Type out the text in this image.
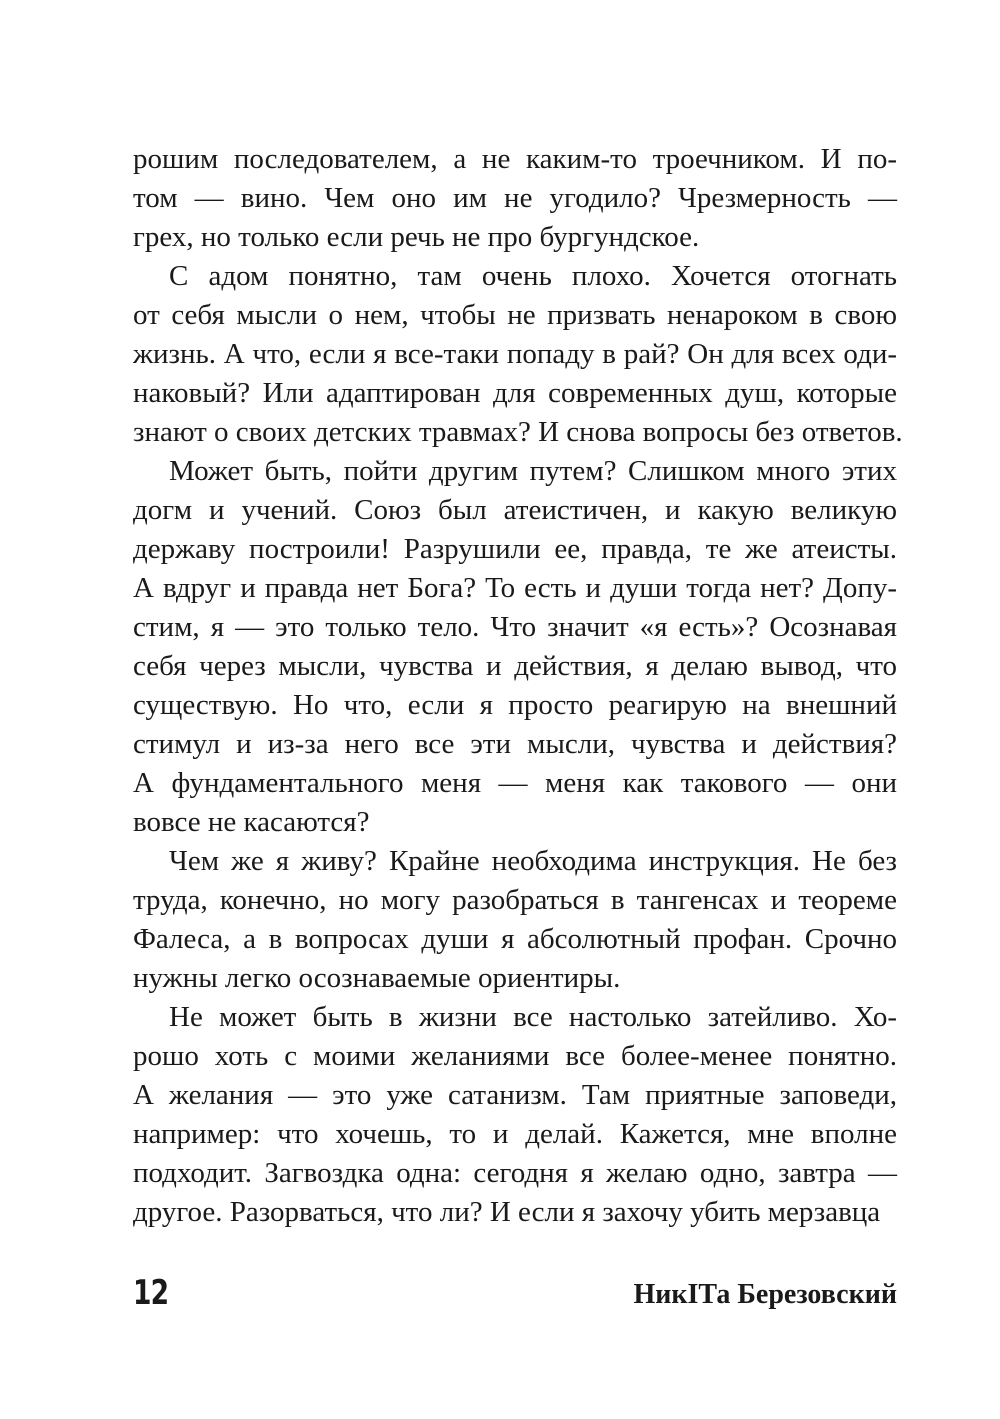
рошим последователем, а не каким-то троечником. И по-
том — вино. Чем оно им не угодило? Чрезмерность —
грех, но только если речь не про бургундское.
С адом понятно, там очень плохо. Хочется отогнать
от себя мысли о нем, чтобы не призвать ненароком в свою
жизнь. А что, если я все-таки попаду в рай? Он для всех оди-
наковый? Или адаптирован для современных душ, которые
знают о своих детских травмах? И снова вопросы без ответов.
Может быть, пойти другим путем? Слишком много этих
догм и учений. Союз был атеистичен, и какую великую
державу построили! Разрушили ее, правда, те же атеисты.
А вдруг и правда нет Бога? То есть и души тогда нет? Допу-
стим, я — это только тело. Что значит «я есть»? Осознавая
себя через мысли, чувства и действия, я делаю вывод, что
существую. Но что, если я просто реагирую на внешний
стимул и из-за него все эти мысли, чувства и действия?
А фундаментального меня — меня как такового — они
вовсе не касаются?
Чем же я живу? Крайне необходима инструкция. Не без
труда, конечно, но могу разобраться в тангенсах и теореме
Фалеса, а в вопросах души я абсолютный профан. Срочно
нужны легко осознаваемые ориентиры.
Не может быть в жизни все настолько затейливо. Хо-
рошо хоть с моими желаниями все более-менее понятно.
А желания — это уже сатанизм. Там приятные заповеди,
например: что хочешь, то и делай. Кажется, мне вполне
подходит. Загвоздка одна: сегодня я желаю одно, завтра —
другое. Разорваться, что ли? И если я захочу убить мерзавца
12	НикІТа Березовский
